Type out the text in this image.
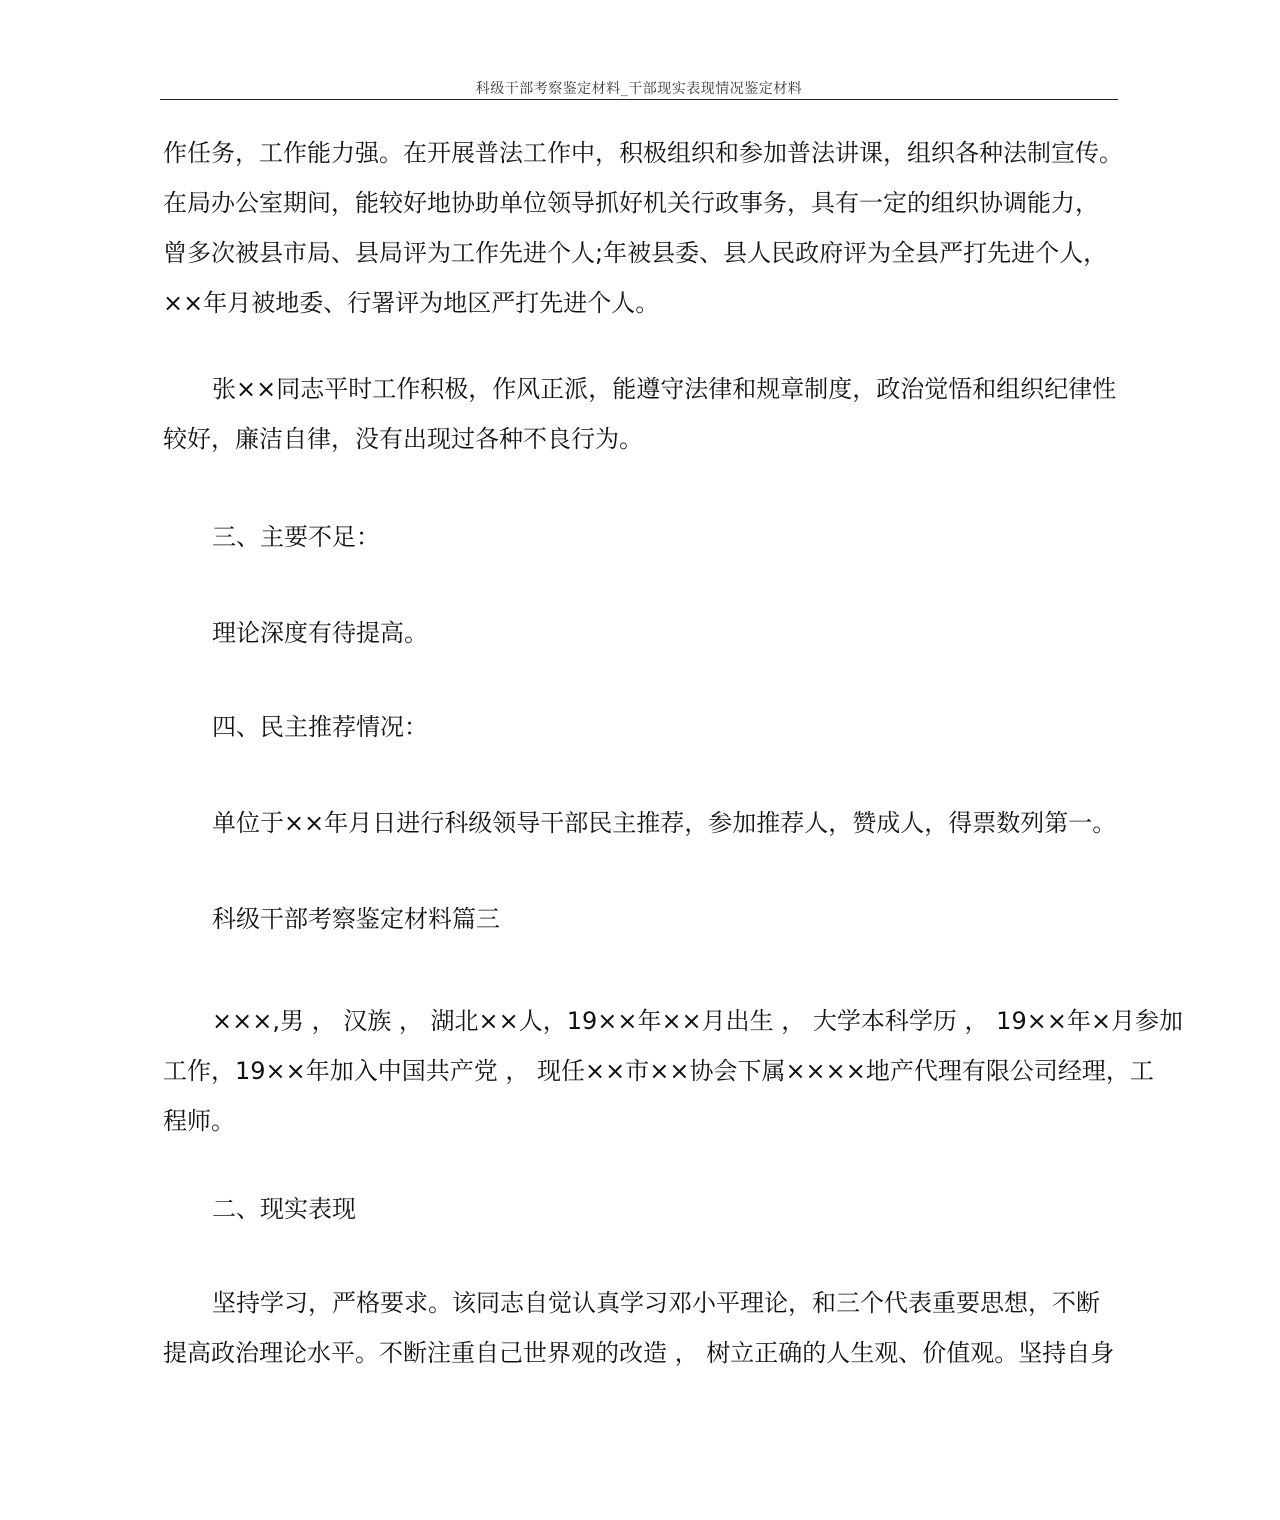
科级干部考察鉴定材料_干部现实表现情况鉴定材料
作任务，工作能力强。在开展普法工作中，积极组织和参加普法讲课，组织各种法制宣传。
在局办公室期间，能较好地协助单位领导抓好机关行政事务，具有一定的组织协调能力，
曾多次被县市局、县局评为工作先进个人;年被县委、县人民政府评为全县严打先进个人，
××年月被地委、行署评为地区严打先进个人。
张××同志平时工作积极，作风正派，能遵守法律和规章制度，政治觉悟和组织纪律性
较好，廉洁自律，没有出现过各种不良行为。
三、主要不足：
理论深度有待提高。
四、民主推荐情况：
单位于××年月日进行科级领导干部民主推荐，参加推荐人，赞成人，得票数列第一。
科级干部考察鉴定材料篇三
×××,男 ， 汉族 ， 湖北××人，19××年××月出生 ， 大学本科学历 ， 19××年×月参加
工作，19××年加入中国共产党 ， 现任××市××协会下属××××地产代理有限公司经理，工
程师。
二、现实表现
坚持学习，严格要求。该同志自觉认真学习邓小平理论，和三个代表重要思想，不断
提高政治理论水平。不断注重自己世界观的改造 ， 树立正确的人生观、价值观。坚持自身
